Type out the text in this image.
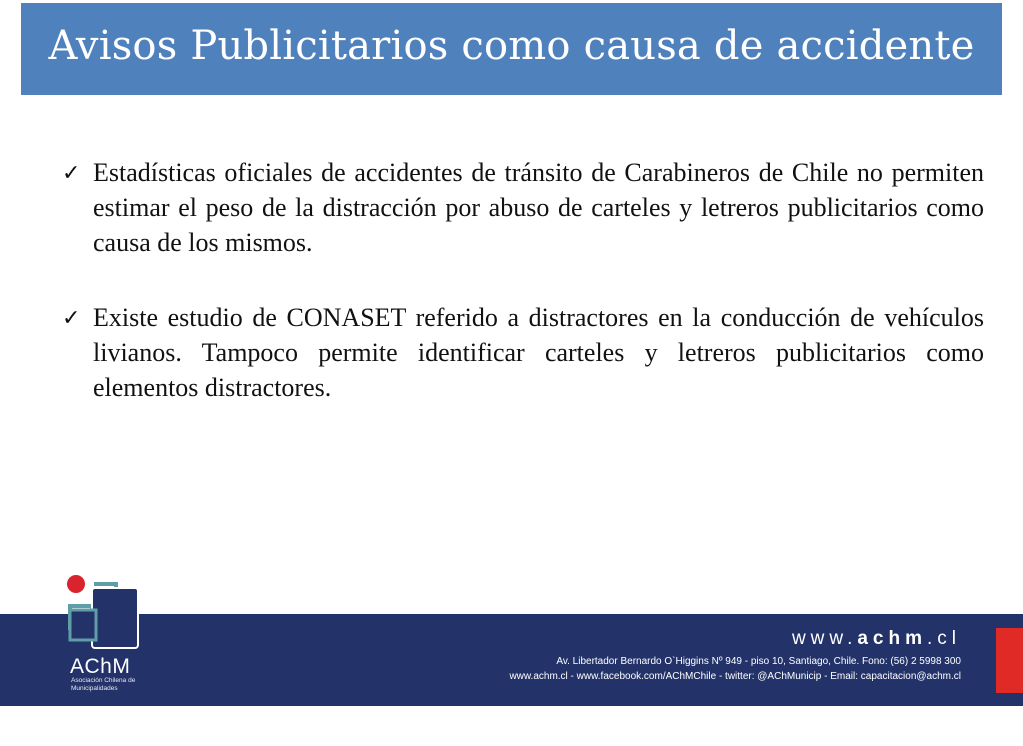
Avisos Publicitarios como causa de accidente
✓ Estadísticas oficiales de accidentes de tránsito de Carabineros de Chile no permiten estimar el peso de la distracción por abuso de carteles y letreros publicitarios como causa de los mismos.
✓ Existe estudio de CONASET referido a distractores en la conducción de vehículos livianos. Tampoco permite identificar carteles y letreros publicitarios como elementos distractores.
AChM
Asociación Chilena de Municipalidades
www.achm.cl
Av. Libertador Bernardo O`Higgins Nº 949 - piso 10, Santiago, Chile. Fono: (56) 2 5998 300
www.achm.cl - www.facebook.com/AChMChile - twitter: @AChMunicip - Email: capacitacion@achm.cl
